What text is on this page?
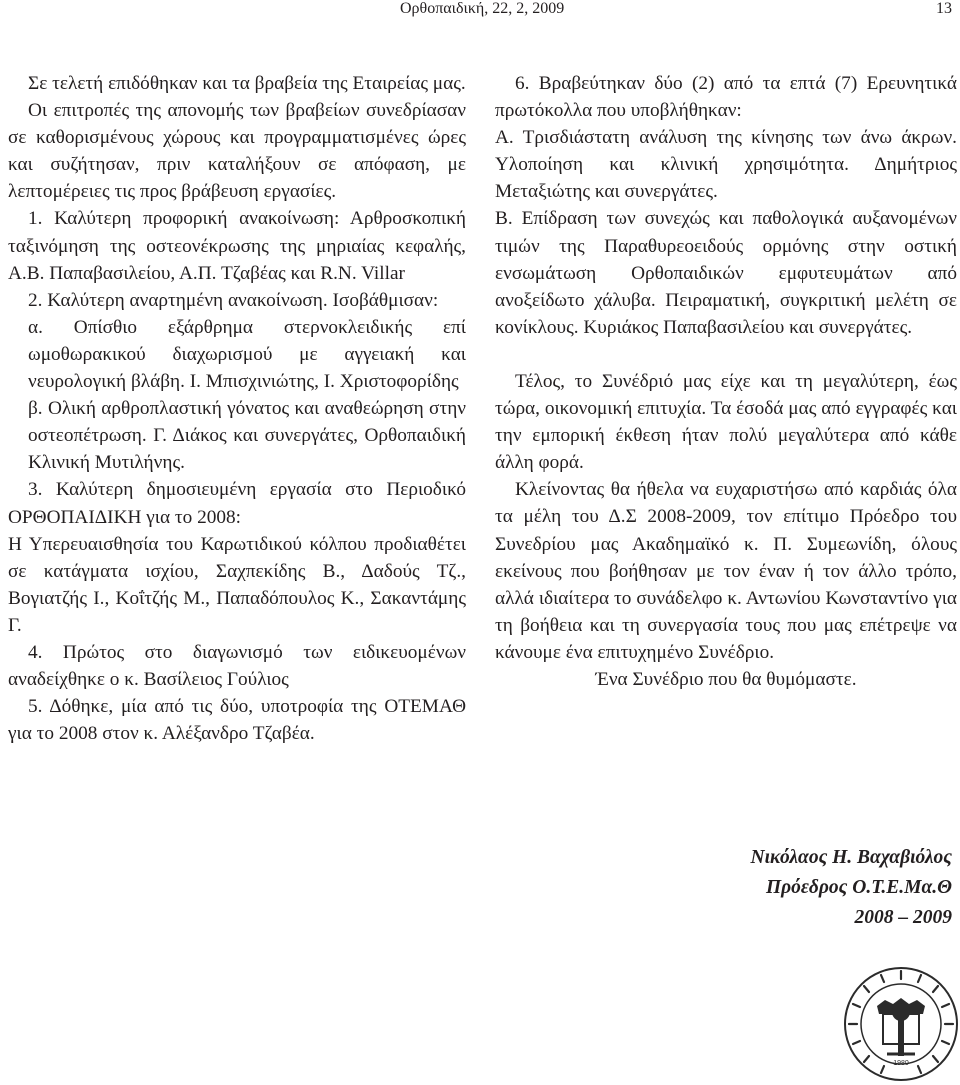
Ορθοπαιδική, 22, 2, 2009	13

Σε τελετή επιδόθηκαν και τα βραβεία της Εταιρείας μας.

Οι επιτροπές της απονομής των βραβείων συνεδρίασαν σε καθορισμένους χώρους και προγραμματισμένες ώρες και συζήτησαν, πριν καταλήξουν σε απόφαση, με λεπτομέρειες τις προς βράβευση εργασίες.

1. Καλύτερη προφορική ανακοίνωση: Αρθροσκοπική ταξινόμηση της οστεονέκρωσης της μηριαίας κεφαλής, Α.Β. Παπαβασιλείου, Α.Π. Τζαβέας και R.N. Villar

2. Καλύτερη αναρτημένη ανακοίνωση. Ισοβάθμισαν:

α. Οπίσθιο εξάρθρημα στερνοκλειδικής επί ωμοθωρακικού διαχωρισμού με αγγειακή και νευρολογική βλάβη. Ι. Μπισχινιώτης, Ι. Χριστοφορίδης

β. Ολική αρθροπλαστική γόνατος και αναθεώρηση στην οστεοπέτρωση. Γ. Διάκος και συνεργάτες, Ορθοπαιδική Κλινική Μυτιλήνης.

3. Καλύτερη δημοσιευμένη εργασία στο Περιοδικό ΟΡΘΟΠΑΙΔΙΚΗ για το 2008:

Η Υπερευαισθησία του Καρωτιδικού κόλπου προδιαθέτει σε κατάγματα ισχίου, Σαχπεκίδης Β., Δαδούς Τζ., Βογιατζής Ι., Κοΐτζής Μ., Παπαδόπουλος Κ., Σακαντάμης Γ.

4. Πρώτος στο διαγωνισμό των ειδικευομένων αναδείχθηκε ο κ. Βασίλειος Γούλιος

5. Δόθηκε, μία από τις δύο, υποτροφία της ΟΤΕΜΑΘ για το 2008 στον κ. Αλέξανδρο Τζαβέα.

6. Βραβεύτηκαν δύο (2) από τα επτά (7) Ερευνητικά πρωτόκολλα που υποβλήθηκαν:

Α. Τρισδιάστατη ανάλυση της κίνησης των άνω άκρων. Υλοποίηση και κλινική χρησιμότητα. Δημήτριος Μεταξιώτης και συνεργάτες.

Β. Επίδραση των συνεχώς και παθολογικά αυξανομένων τιμών της Παραθυρεοειδούς ορμόνης στην οστική ενσωμάτωση Ορθοπαιδικών εμφυτευμάτων από ανοξείδωτο χάλυβα. Πειραματική, συγκριτική μελέτη σε κονίκλους. Κυριάκος Παπαβασιλείου και συνεργάτες.

Τέλος, το Συνέδριό μας είχε και τη μεγαλύτερη, έως τώρα, οικονομική επιτυχία. Τα έσοδά μας από εγγραφές και την εμπορική έκθεση ήταν πολύ μεγαλύτερα από κάθε άλλη φορά.

Κλείνοντας θα ήθελα να ευχαριστήσω από καρδιάς όλα τα μέλη του Δ.Σ 2008-2009, τον επίτιμο Πρόεδρο του Συνεδρίου μας Ακαδημαϊκό κ. Π. Συμεωνίδη, όλους εκείνους που βοήθησαν με τον έναν ή τον άλλο τρόπο, αλλά ιδιαίτερα το συνάδελφο κ. Αντωνίου Κωνσταντίνο για τη βοήθεια και τη συνεργασία τους που μας επέτρεψε να κάνουμε ένα επιτυχημένο Συνέδριο.

Ένα Συνέδριο που θα θυμόμαστε.

Νικόλαος Η. Βαχαβιόλος
Πρόεδρος Ο.Τ.Ε.Μα.Θ
2008 – 2009
1980
